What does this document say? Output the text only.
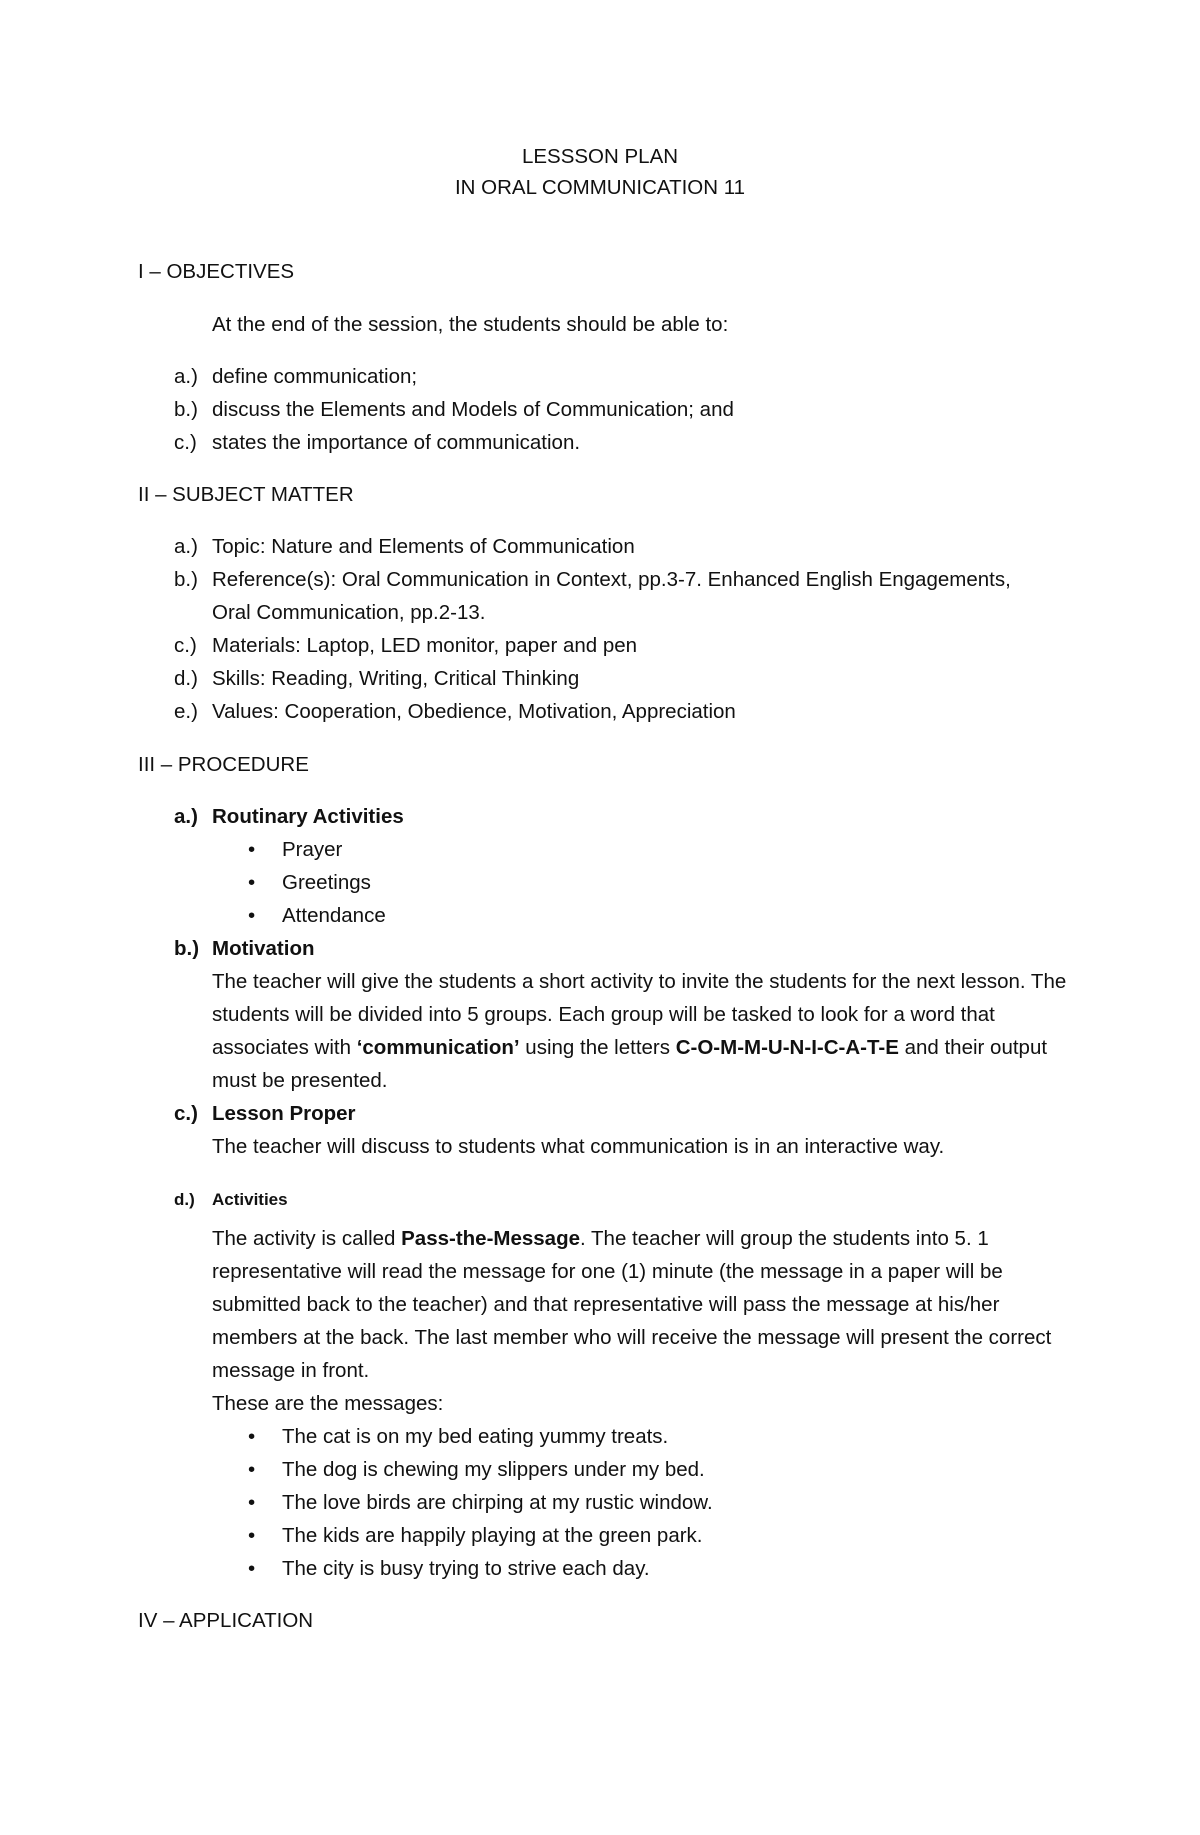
LESSSON PLAN
IN ORAL COMMUNICATION 11
I – OBJECTIVES
At the end of the session, the students should be able to:
a.) define communication;
b.) discuss the Elements and Models of Communication; and
c.) states the importance of communication.
II – SUBJECT MATTER
a.) Topic: Nature and Elements of Communication
b.) Reference(s): Oral Communication in Context, pp.3-7. Enhanced English Engagements, Oral Communication, pp.2-13.
c.) Materials: Laptop, LED monitor, paper and pen
d.) Skills: Reading, Writing, Critical Thinking
e.) Values: Cooperation, Obedience, Motivation, Appreciation
III – PROCEDURE
a.) Routinary Activities
• Prayer
• Greetings
• Attendance
b.) Motivation
The teacher will give the students a short activity to invite the students for the next lesson. The students will be divided into 5 groups. Each group will be tasked to look for a word that associates with ‘communication’ using the letters C-O-M-M-U-N-I-C-A-T-E and their output must be presented.
c.) Lesson Proper
The teacher will discuss to students what communication is in an interactive way.
d.) Activities
The activity is called Pass-the-Message. The teacher will group the students into 5. 1 representative will read the message for one (1) minute (the message in a paper will be submitted back to the teacher) and that representative will pass the message at his/her members at the back. The last member who will receive the message will present the correct message in front.
These are the messages:
• The cat is on my bed eating yummy treats.
• The dog is chewing my slippers under my bed.
• The love birds are chirping at my rustic window.
• The kids are happily playing at the green park.
• The city is busy trying to strive each day.
IV – APPLICATION
